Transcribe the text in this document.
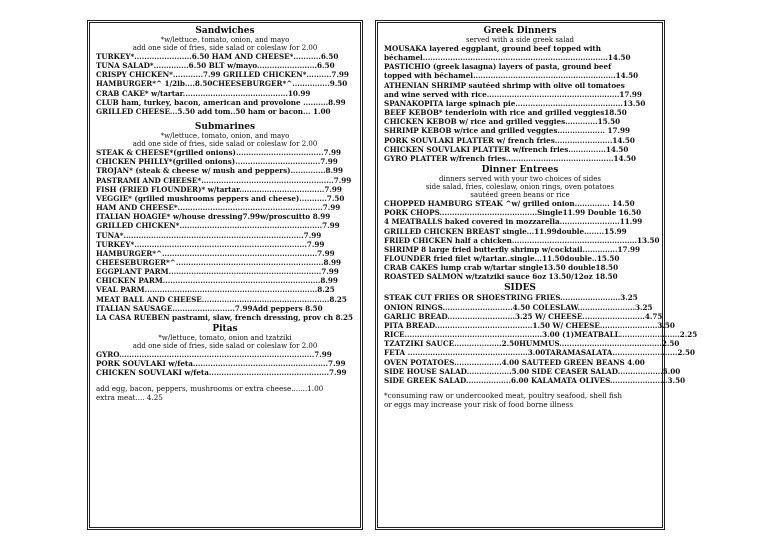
Sandwiches
*w/lettuce, tomato, onion, and mayo
add one side of fries, side salad or coleslaw for 2.00
TURKEY*.......................6.50 HAM AND CHEESE*...........6.50
TUNA SALAD*..............6.50 BLT w/mayo........................6.50
CRISPY CHICKEN*............7.99 GRILLED CHICKEN*..........7.99
HAMBURGER*^ 1/2lb....8.50CHEESEBURGER*^...............9.50
CRAB CAKE* w/tartar..........................................10.99
CLUB ham, turkey, bacon, american and provolone ..........8.99
GRILLED CHEESE...5.50 add tom..50 ham or bacon... 1.00
Submarines
*w/lettuce, tomato, onion, and mayo
add one side of fries, side salad or coleslaw for 2.00
STEAK & CHEESE*(grilled onions)...................................7.99
CHICKEN PHILLY*(grilled onions)..................................7.99
TROJAN* (steak & cheese w/ mush and peppers)..............8.99
PASTRAMI AND CHEESE*.....................................................7.99
FISH (FRIED FLOUNDER)* w/tartar..................................7.99
VEGGIE* (grilled mushrooms peppers and cheese)...........7.50
HAM AND CHEESE*..........................................................7.99
ITALIAN HOAGIE* w/house dressing7.99w/proscuitto 8.99
GRILLED CHICKEN*.........................................................7.99
TUNA*........................................................................7.99
TURKEY*.....................................................................7.99
HAMBURGER*^..............................................................7.99
CHEESEBURGER*^...........................................................8.99
EGGPLANT PARM.............................................................7.99
CHICKEN PARM...............................................................8.99
VEAL PARM.....................................................................8.25
MEAT BALL AND CHEESE...................................................8.25
ITALIAN SAUSAGE.........................7.99Add peppers 8.50
LA CASA RUEBEN pastrami, slaw, french dressing, prov ch 8.25
Pitas
*w/lettuce, tomato, onion and tzatziki
add one side of fries, side salad or coleslaw for 2.00
GYRO..............................................................................7.99
PORK SOUVLAKI w/feta......................................................7.99
CHICKEN SOUVLAKI w/feta................................................7.99
add egg, bacon, peppers, mushrooms or extra cheese.......1.00
extra meat.... 4.25
Greek Dinners
served with a side greek salad
MOUSAKA layered eggplant, ground beef topped with
béchamel..........................................................................14.50
PASTICHIO (greek lasagna) layers of pasta, ground beef
topped with béchamel.........................................................14.50
ATHENIAN SHRIMP sautéed shrimp with olive oil tomatoes
and wine served with rice.....................................................17.99
SPANAKOPITA large spinach pie...........................................13.50
BEEF KEBOB* tenderloin with rice and grilled veggies18.50
CHICKEN KEBOB w/ rice and grilled veggies.............15.50
SHRIMP KEBOB w/rice and grilled veggies................... 17.99
PORK SOUVLAKI PLATTER w/ french fries.......................14.50
CHICKEN SOUVLAKI PLATTER w/french fries...............14.50
GYRO PLATTER w/french fries...........................................14.50
Dinner Entrees
dinners served with your two choices of sides
side salad, fries, coleslaw, onion rings, oven potatoes
sautéed green beans or rice
CHOPPED HAMBURG STEAK ^w/ grilled onion.............. 14.50
PORK CHOPS.......................................Single11.99 Double 16.50
4 MEATBALLS baked covered in mozzarella........................11.99
GRILLED CHICKEN BREAST single...11.99double........15.99
FRIED CHICKEN half a chicken..................................................13.50
SHRIMP 8 large fried butterfly shrimp w/cocktail..............17.99
FLOUNDER fried filet w/tartar..single...11.50double..15.50
CRAB CAKES lump crab w/tartar single13.50 double18.50
ROASTED SALMON w/tzatziki sauce 6oz 13.50/12oz 18.50
SIDES
STEAK CUT FRIES OR SHOESTRING FRIES........................3.25
ONION RINGS............................4.50 COLESLAW.......................3.25
GARLIC BREAD...........................3.25 W/ CHEESE.........................4.75
PITA BREAD.......................................1.50 W/ CHEESE.......................3.50
RICE.......................................................3.00 (1)MEATBALL........................2.25
TZATZIKI SAUCE...................2.50HUMMUS.........................................2.50
FETA ................................................3.00TARAMASALATA..........................2.50
OVEN POTATOES...................4.00 SAUTEED GREEN BEANS 4.00
SIDE HOUSE SALAD..................5.00 SIDE CEASER SALAD..................5.00
SIDE GREEK SALAD..................6.00 KALAMATA OLIVES.......................3.50
*consuming raw or undercooked meat, poultry seafood, shell fish
or eggs may increase your risk of food borne illness
